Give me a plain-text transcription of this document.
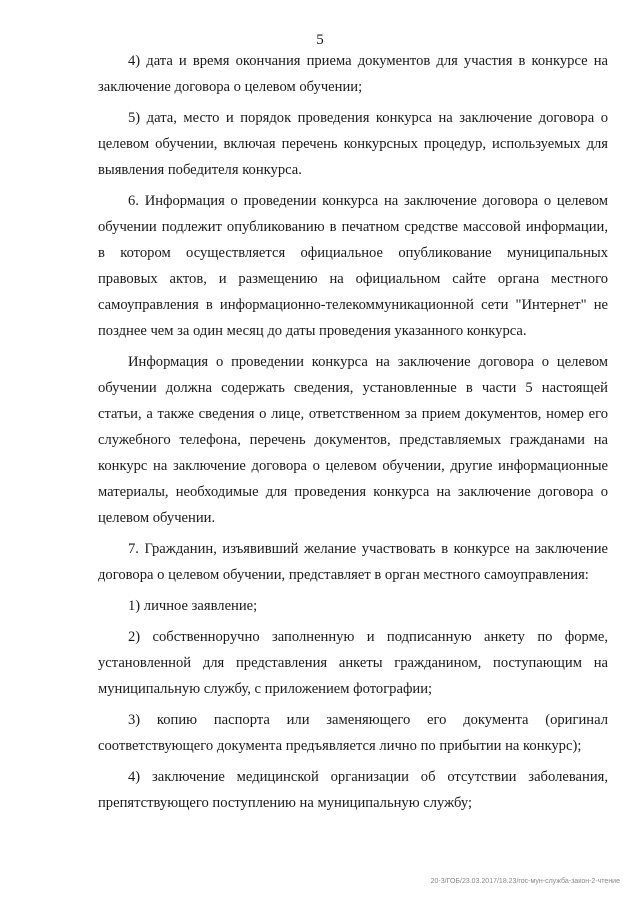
5

4) дата и время окончания приема документов для участия в конкурсе на заключение договора о целевом обучении;

5) дата, место и порядок проведения конкурса на заключение договора о целевом обучении, включая перечень конкурсных процедур, используемых для выявления победителя конкурса.

6. Информация о проведении конкурса на заключение договора о целевом обучении подлежит опубликованию в печатном средстве массовой информации, в котором осуществляется официальное опубликование муниципальных правовых актов, и размещению на официальном сайте органа местного самоуправления в информационно-телекоммуникационной сети "Интернет" не позднее чем за один месяц до даты проведения указанного конкурса.

Информация о проведении конкурса на заключение договора о целевом обучении должна содержать сведения, установленные в части 5 настоящей статьи, а также сведения о лице, ответственном за прием документов, номер его служебного телефона, перечень документов, представляемых гражданами на конкурс на заключение договора о целевом обучении, другие информационные материалы, необходимые для проведения конкурса на заключение договора о целевом обучении.

7. Гражданин, изъявивший желание участвовать в конкурсе на заключение договора о целевом обучении, представляет в орган местного самоуправления:

1) личное заявление;

2) собственноручно заполненную и подписанную анкету по форме, установленной для представления анкеты гражданином, поступающим на муниципальную службу, с приложением фотографии;

3) копию паспорта или заменяющего его документа (оригинал соответствующего документа предъявляется лично по прибытии на конкурс);

4) заключение медицинской организации об отсутствии заболевания, препятствующего поступлению на муниципальную службу;

20-3/ГОБ/23.03.2017/18.23/гос-мун-служба-закон-2-чтение
